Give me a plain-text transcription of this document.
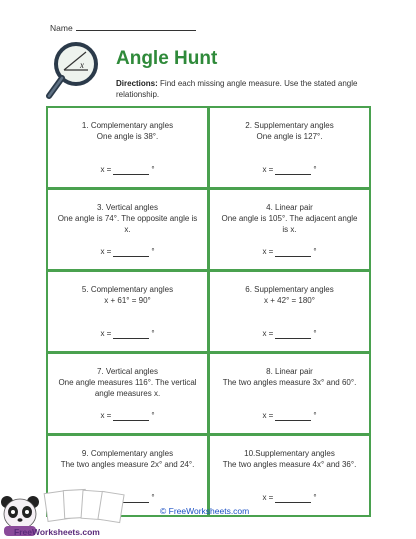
Name
x Angle Hunt
Directions: Find each missing angle measure. Use the stated angle relationship.
1. Complementary angles
One angle is 38°.
x =	°
2. Supplementary angles
One angle is 127°.
x =	°
3. Vertical angles
One angle is 74°. The opposite angle is x.
x =	°
4. Linear pair
One angle is 105°. The adjacent angle is x.
x =	°
5. Complementary angles
x + 61° = 90°
x =	°
6. Supplementary angles
x + 42° = 180°
x =	°
7. Vertical angles
One angle measures 116°. The vertical angle measures x.
x =	°
8. Linear pair
The two angles measure 3x° and 60°.
x =	°
9. Complementary angles
The two angles measure 2x° and 24°.
°
10.Supplementary angles
The two angles measure 4x° and 36°.
x =	°
FreeWorksheets.com
© FreeWorksheets.com
